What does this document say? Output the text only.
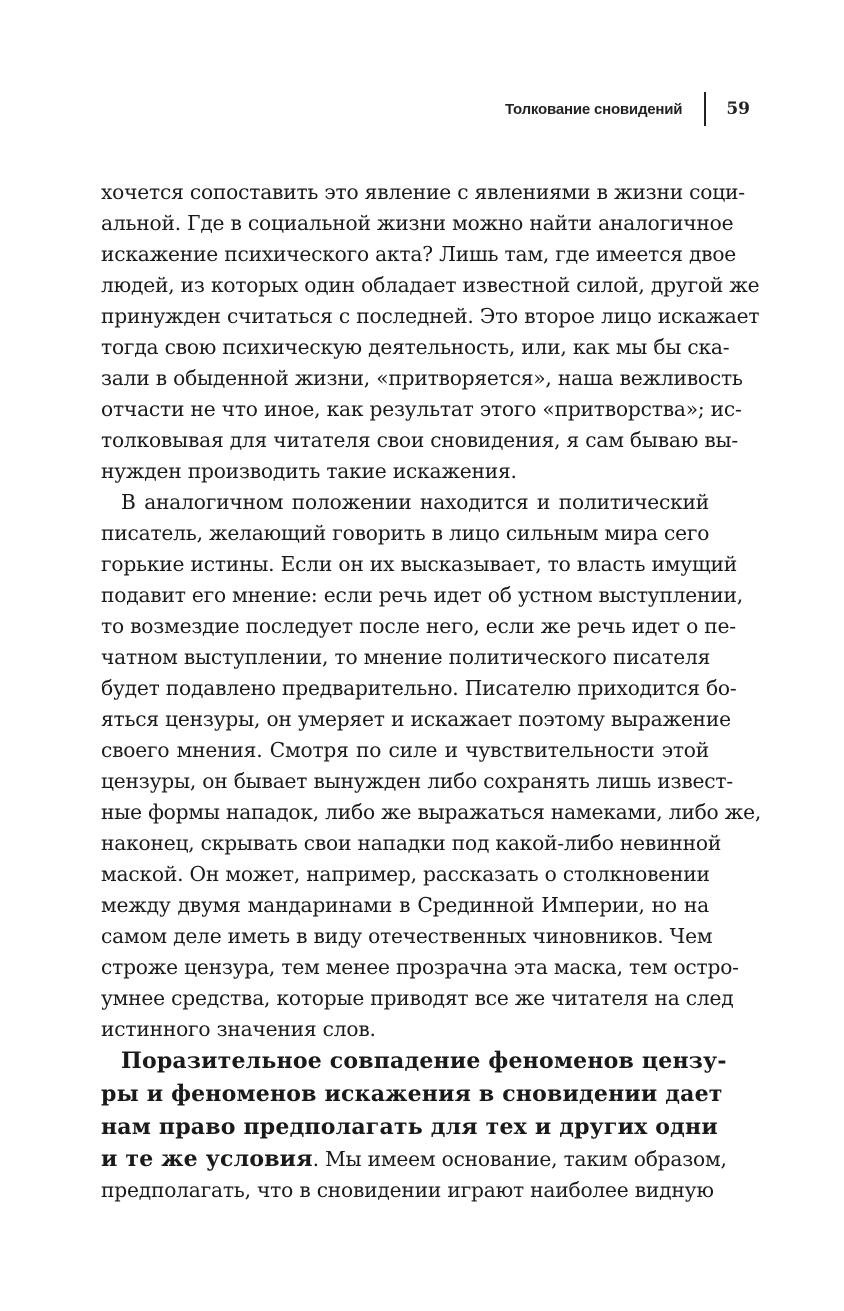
Толкование сновидений	59
хочется сопоставить это явление с явлениями в жизни соци-
альной. Где в социальной жизни можно найти аналогичное
искажение психического акта? Лишь там, где имеется двое
людей, из которых один обладает известной силой, другой же
принужден считаться с последней. Это второе лицо искажает
тогда свою психическую деятельность, или, как мы бы ска-
зали в обыденной жизни, «притворяется», наша вежливость
отчасти не что иное, как результат этого «притворства»; ис-
толковывая для читателя свои сновидения, я сам бываю вы-
нужден производить такие искажения.
В аналогичном положении находится и политический
писатель, желающий говорить в лицо сильным мира сего
горькие истины. Если он их высказывает, то власть имущий
подавит его мнение: если речь идет об устном выступлении,
то возмездие последует после него, если же речь идет о пе-
чатном выступлении, то мнение политического писателя
будет подавлено предварительно. Писателю приходится бо-
яться цензуры, он умеряет и искажает поэтому выражение
своего мнения. Смотря по силе и чувствительности этой
цензуры, он бывает вынужден либо сохранять лишь извест-
ные формы нападок, либо же выражаться намеками, либо же,
наконец, скрывать свои нападки под какой-либо невинной
маской. Он может, например, рассказать о столкновении
между двумя мандаринами в Срединной Империи, но на
самом деле иметь в виду отечественных чиновников. Чем
строже цензура, тем менее прозрачна эта маска, тем остро-
умнее средства, которые приводят все же читателя на след
истинного значения слов.
Поразительное совпадение феноменов цензу-
ры и феноменов искажения в сновидении дает
нам право предполагать для тех и других одни
и те же условия. Мы имеем основание, таким образом,
предполагать, что в сновидении играют наиболее видную
